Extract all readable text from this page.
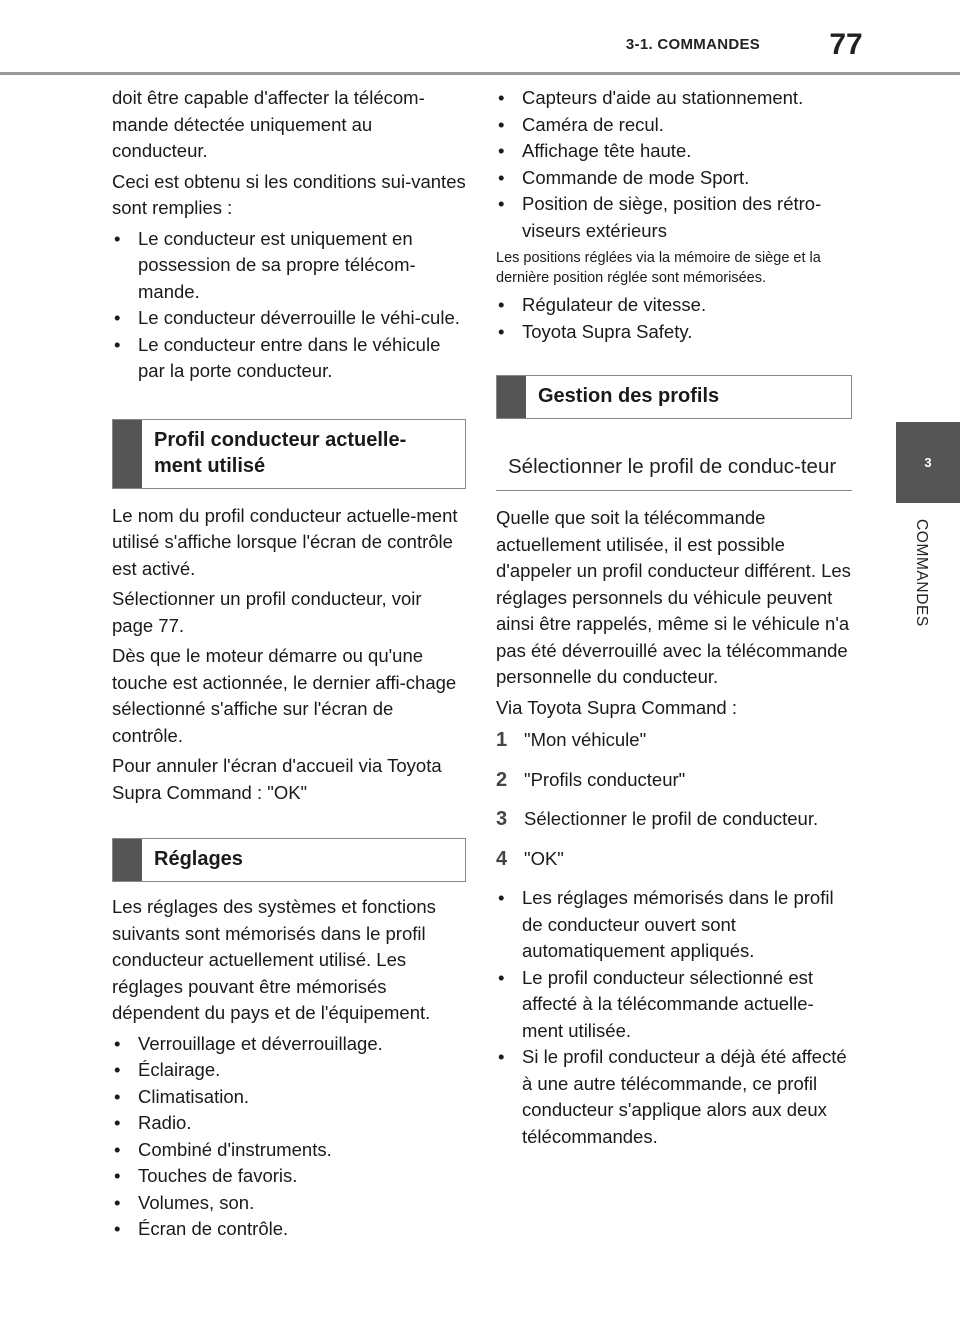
3-1. COMMANDES	77
3
COMMANDES

doit être capable d'affecter la télécom-mande détectée uniquement au conducteur.

Ceci est obtenu si les conditions sui-vantes sont remplies :

• Le conducteur est uniquement en possession de sa propre télécom-mande.
• Le conducteur déverrouille le véhi-cule.
• Le conducteur entre dans le véhicule par la porte conducteur.
Profil conducteur actuelle-ment utilisé

Le nom du profil conducteur actuelle-ment utilisé s'affiche lorsque l'écran de contrôle est activé.

Sélectionner un profil conducteur, voir page 77.

Dès que le moteur démarre ou qu'une touche est actionnée, le dernier affi-chage sélectionné s'affiche sur l'écran de contrôle.

Pour annuler l'écran d'accueil via Toyota Supra Command : "OK"

Réglages

Les réglages des systèmes et fonctions suivants sont mémorisés dans le profil conducteur actuellement utilisé. Les réglages pouvant être mémorisés dépendent du pays et de l'équipement.

• Verrouillage et déverrouillage.
• Éclairage.
• Climatisation.
• Radio.
• Combiné d'instruments.
• Touches de favoris.
• Volumes, son.
• Écran de contrôle.
• Capteurs d'aide au stationnement.
• Caméra de recul.
• Affichage tête haute.
• Commande de mode Sport.
• Position de siège, position des rétro-viseurs extérieurs

Les positions réglées via la mémoire de siège et la dernière position réglée sont mémorisées.

• Régulateur de vitesse.
• Toyota Supra Safety.
Gestion des profils
Sélectionner le profil de conduc-teur

Quelle que soit la télécommande actuellement utilisée, il est possible d'appeler un profil conducteur différent. Les réglages personnels du véhicule peuvent ainsi être rappelés, même si le véhicule n'a pas été déverrouillé avec la télécommande personnelle du conducteur.

Via Toyota Supra Command :

1 "Mon véhicule"
2 "Profils conducteur"
3 Sélectionner le profil de conducteur.
4 "OK"
• Les réglages mémorisés dans le profil de conducteur ouvert sont automatiquement appliqués.
• Le profil conducteur sélectionné est affecté à la télécommande actuelle-ment utilisée.
• Si le profil conducteur a déjà été affecté à une autre télécommande, ce profil conducteur s'applique alors aux deux télécommandes.
